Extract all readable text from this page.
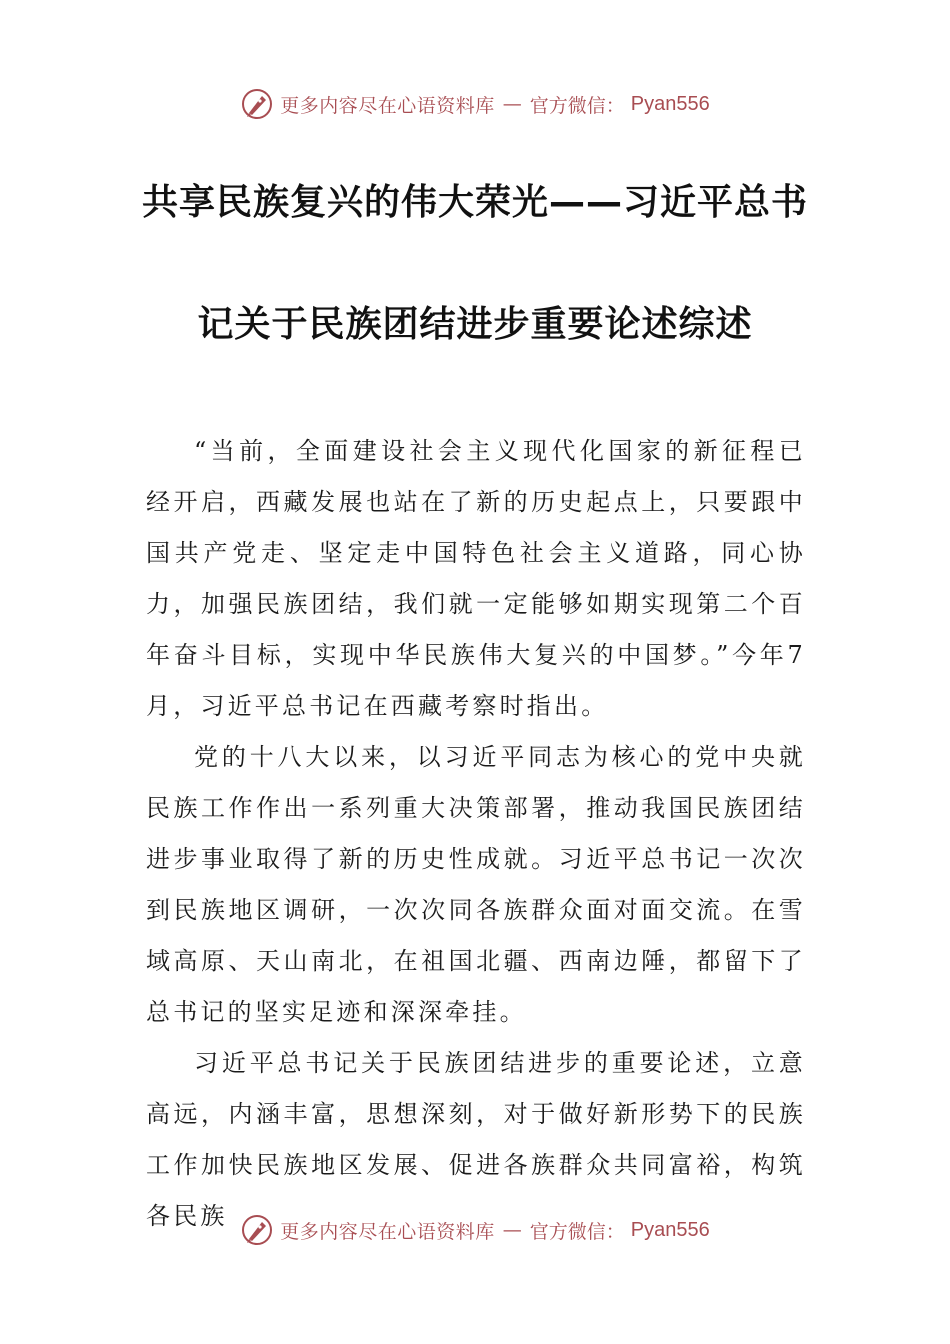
更多内容尽在心语资料库 — 官方微信： Pyan556
共享民族复兴的伟大荣光——习近平总书
记关于民族团结进步重要论述综述

“当前，全面建设社会主义现代化国家的新征程已经开启，西藏发展也站在了新的历史起点上，只要跟中国共产党走、坚定走中国特色社会主义道路，同心协力，加强民族团结，我们就一定能够如期实现第二个百年奋斗目标，实现中华民族伟大复兴的中国梦。”今年7月，习近平总书记在西藏考察时指出。

党的十八大以来，以习近平同志为核心的党中央就民族工作作出一系列重大决策部署，推动我国民族团结进步事业取得了新的历史性成就。习近平总书记一次次到民族地区调研，一次次同各族群众面对面交流。在雪域高原、天山南北，在祖国北疆、西南边陲，都留下了总书记的坚实足迹和深深牵挂。

习近平总书记关于民族团结进步的重要论述，立意高远，内涵丰富，思想深刻，对于做好新形势下的民族工作加快民族地区发展、促进各族群众共同富裕，构筑各民族

更多内容尽在心语资料库 — 官方微信： Pyan556
